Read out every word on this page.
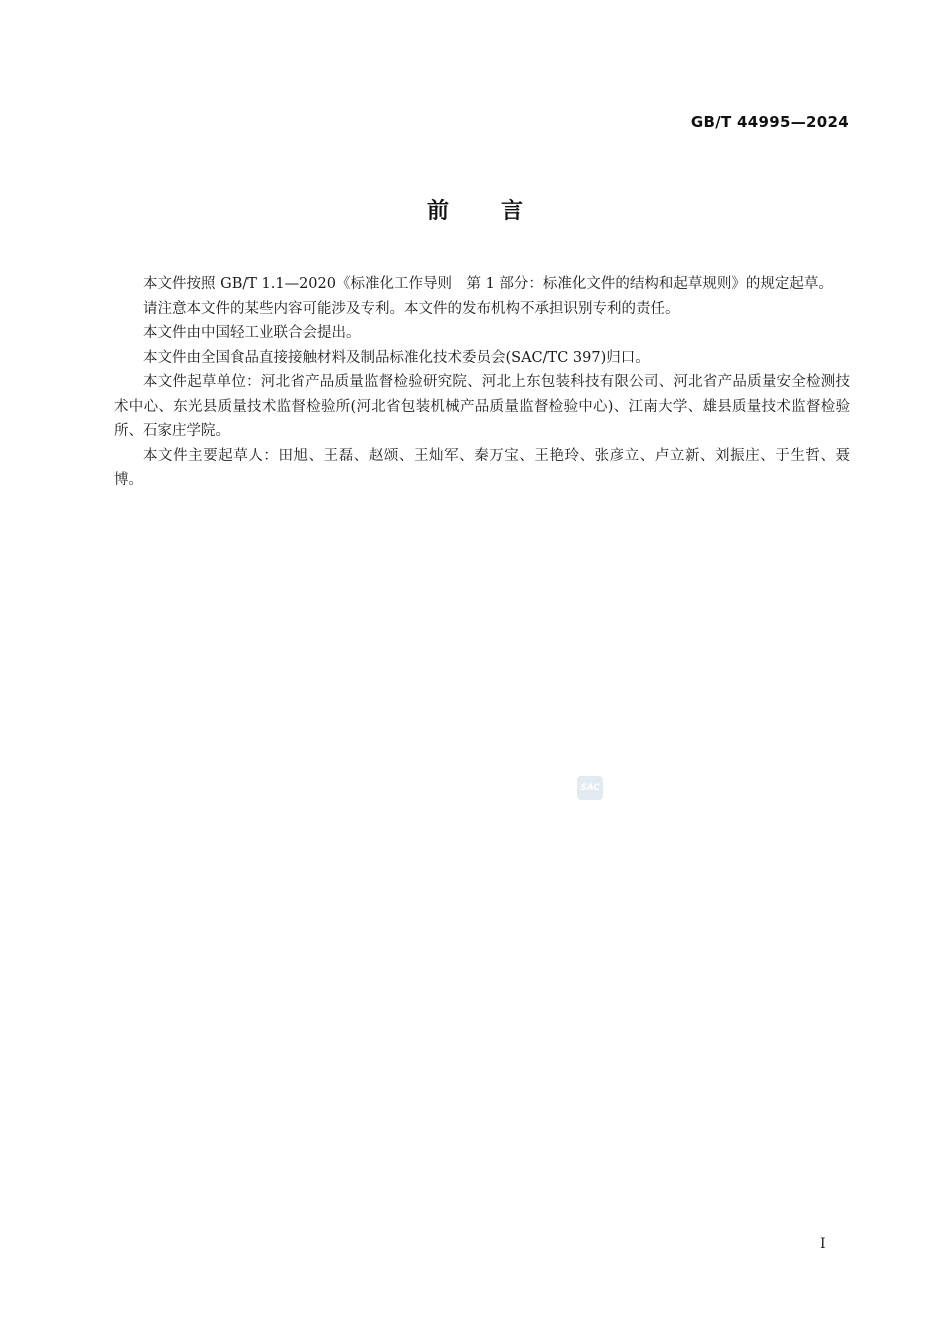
GB/T 44995—2024
前言

本文件按照 GB/T 1.1—2020《标准化工作导则　第 1 部分：标准化文件的结构和起草规则》的规定起草。

请注意本文件的某些内容可能涉及专利。本文件的发布机构不承担识别专利的责任。

本文件由中国轻工业联合会提出。

本文件由全国食品直接接触材料及制品标准化技术委员会(SAC/TC 397)归口。

本文件起草单位：河北省产品质量监督检验研究院、河北上东包装科技有限公司、河北省产品质量安全检测技术中心、东光县质量技术监督检验所(河北省包装机械产品质量监督检验中心)、江南大学、雄县质量技术监督检验所、石家庄学院。

本文件主要起草人：田旭、王磊、赵颂、王灿军、秦万宝、王艳玲、张彦立、卢立新、刘振庄、于生哲、聂博。

SAC
I
